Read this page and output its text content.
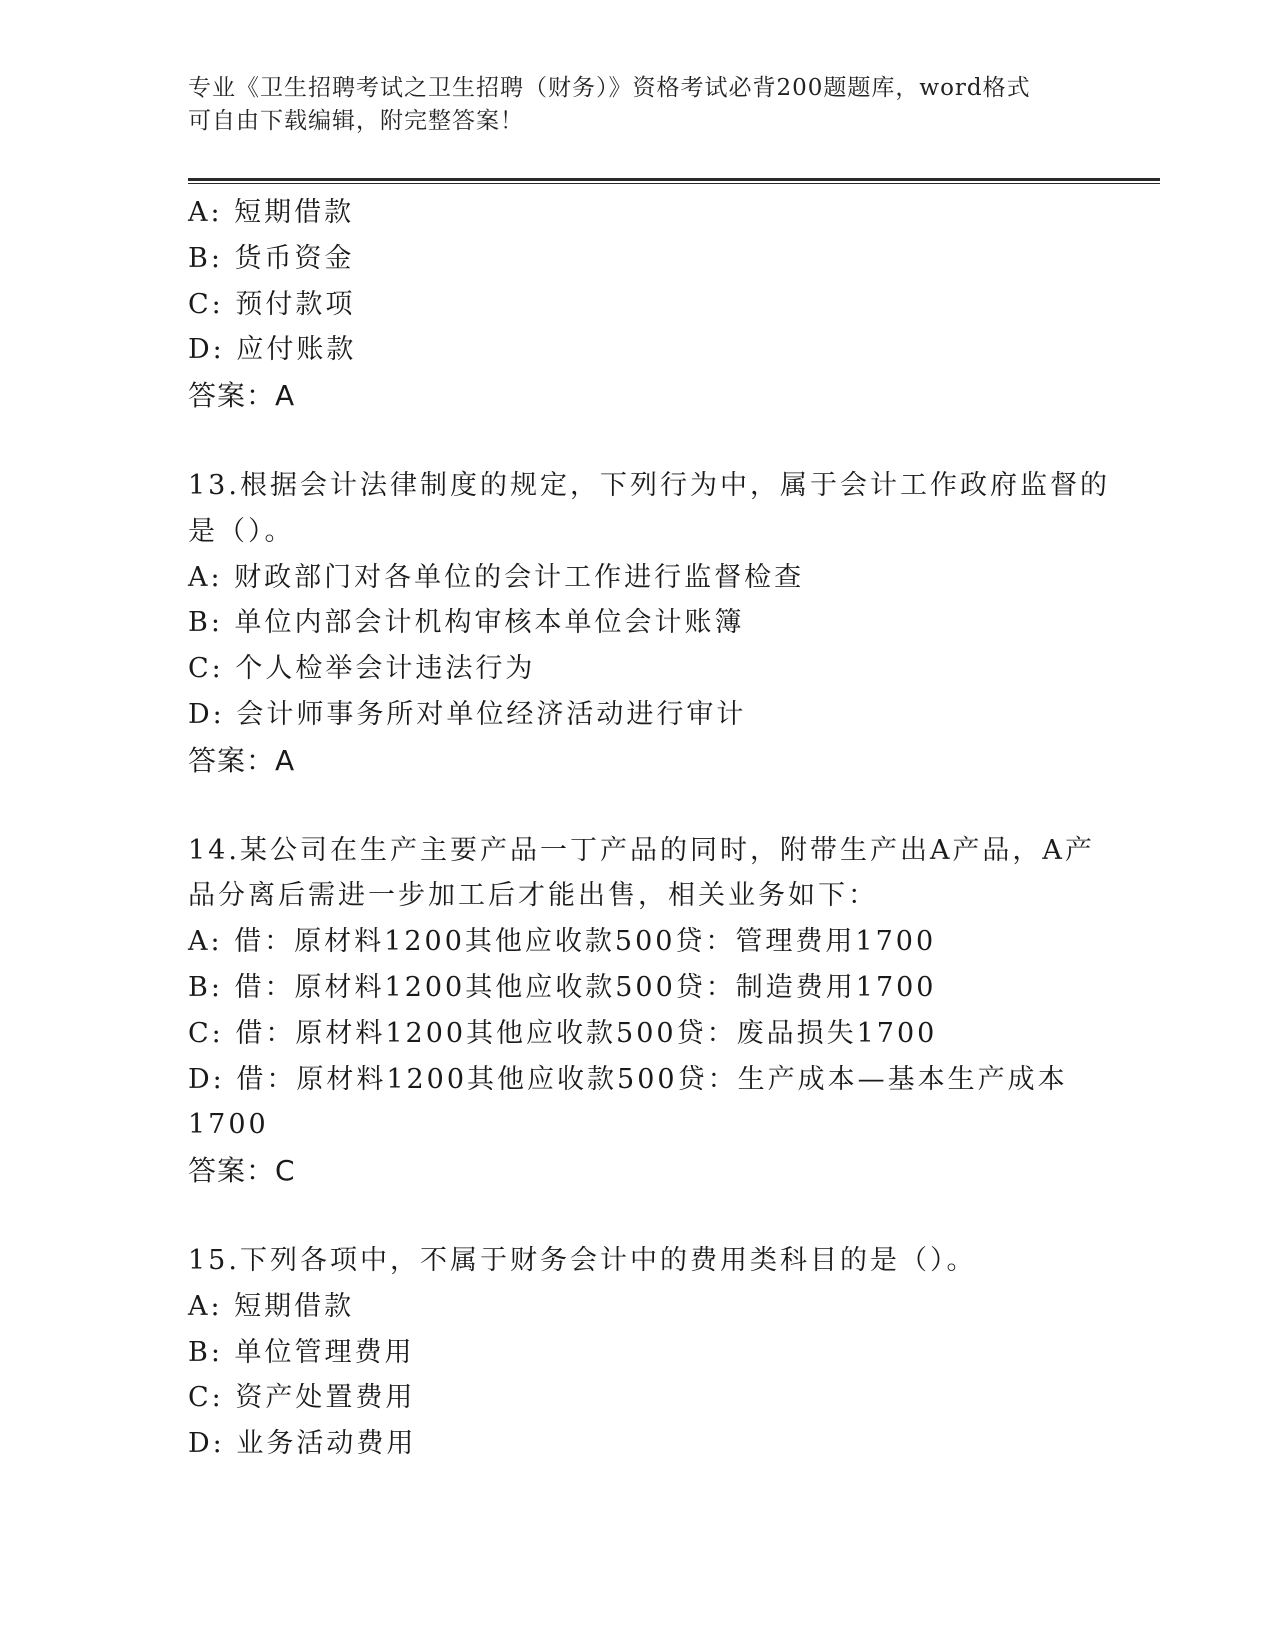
专业《卫生招聘考试之卫生招聘（财务）》资格考试必背200题题库，word格式
可自由下载编辑，附完整答案！
A: 短期借款
B: 货币资金
C: 预付款项
D: 应付账款
答案：A
13.根据会计法律制度的规定，下列行为中，属于会计工作政府监督的
是（）。
A: 财政部门对各单位的会计工作进行监督检查
B: 单位内部会计机构审核本单位会计账簿
C: 个人检举会计违法行为
D: 会计师事务所对单位经济活动进行审计
答案：A
14.某公司在生产主要产品一丁产品的同时，附带生产出A产品，A产
品分离后需进一步加工后才能出售，相关业务如下：
A: 借：原材料1200其他应收款500贷：管理费用1700
B: 借：原材料1200其他应收款500贷：制造费用1700
C: 借：原材料1200其他应收款500贷：废品损失1700
D: 借：原材料1200其他应收款500贷：生产成本—基本生产成本
1700
答案：C
15.下列各项中，不属于财务会计中的费用类科目的是（）。
A: 短期借款
B: 单位管理费用
C: 资产处置费用
D: 业务活动费用
